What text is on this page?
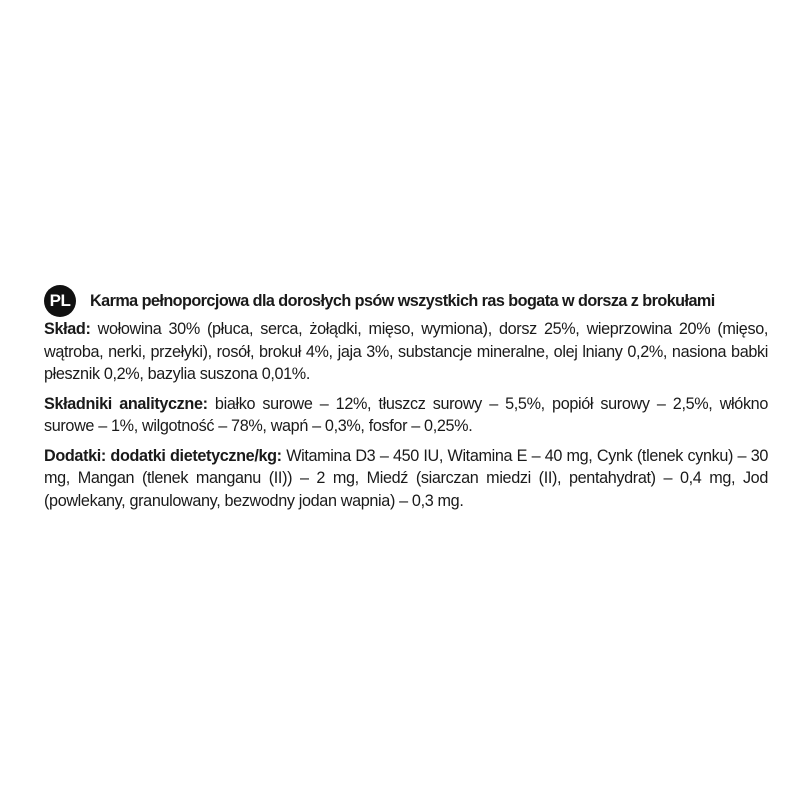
PL	Karma pełnoporcjowa dla dorosłych psów wszystkich ras bogata w dorsza z brokułami
Skład: wołowina 30% (płuca, serca, żołądki, mięso, wymiona), dorsz 25%, wieprzowina 20% (mięso, wątroba, nerki, przełyki), rosół, brokuł 4%, jaja 3%, substancje mineralne, olej lniany 0,2%, nasiona babki płesznik 0,2%, bazylia suszona 0,01%.
Składniki analityczne: białko surowe – 12%, tłuszcz surowy – 5,5%, popiół surowy – 2,5%, włókno surowe – 1%, wilgotność – 78%, wapń – 0,3%, fosfor – 0,25%.
Dodatki: dodatki dietetyczne/kg: Witamina D3 – 450 IU, Witamina E – 40 mg, Cynk (tlenek cynku) – 30 mg, Mangan (tlenek manganu (II)) – 2 mg, Miedź (siarczan miedzi (II), pentahydrat) – 0,4 mg, Jod (powlekany, granulowany, bezwodny jodan wapnia) – 0,3 mg.
